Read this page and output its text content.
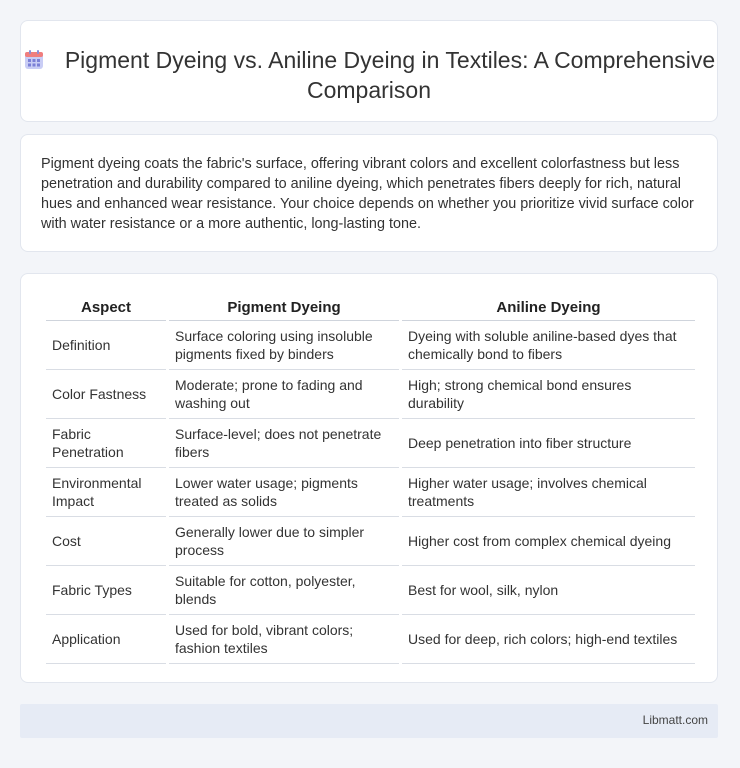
Pigment Dyeing vs. Aniline Dyeing in Textiles: A Comprehensive Comparison

Pigment dyeing coats the fabric's surface, offering vibrant colors and excellent colorfastness but less penetration and durability compared to aniline dyeing, which penetrates fibers deeply for rich, natural hues and enhanced wear resistance. Your choice depends on whether you prioritize vivid surface color with water resistance or a more authentic, long-lasting tone.

Aspect	Pigment Dyeing	Aniline Dyeing
Definition	Surface coloring using insoluble pigments fixed by binders	Dyeing with soluble aniline-based dyes that chemically bond to fibers
Color Fastness	Moderate; prone to fading and washing out	High; strong chemical bond ensures durability
Fabric Penetration	Surface-level; does not penetrate fibers	Deep penetration into fiber structure
Environmental Impact	Lower water usage; pigments treated as solids	Higher water usage; involves chemical treatments
Cost	Generally lower due to simpler process	Higher cost from complex chemical dyeing
Fabric Types	Suitable for cotton, polyester, blends	Best for wool, silk, nylon
Application	Used for bold, vibrant colors; fashion textiles	Used for deep, rich colors; high-end textiles
Libmatt.com
